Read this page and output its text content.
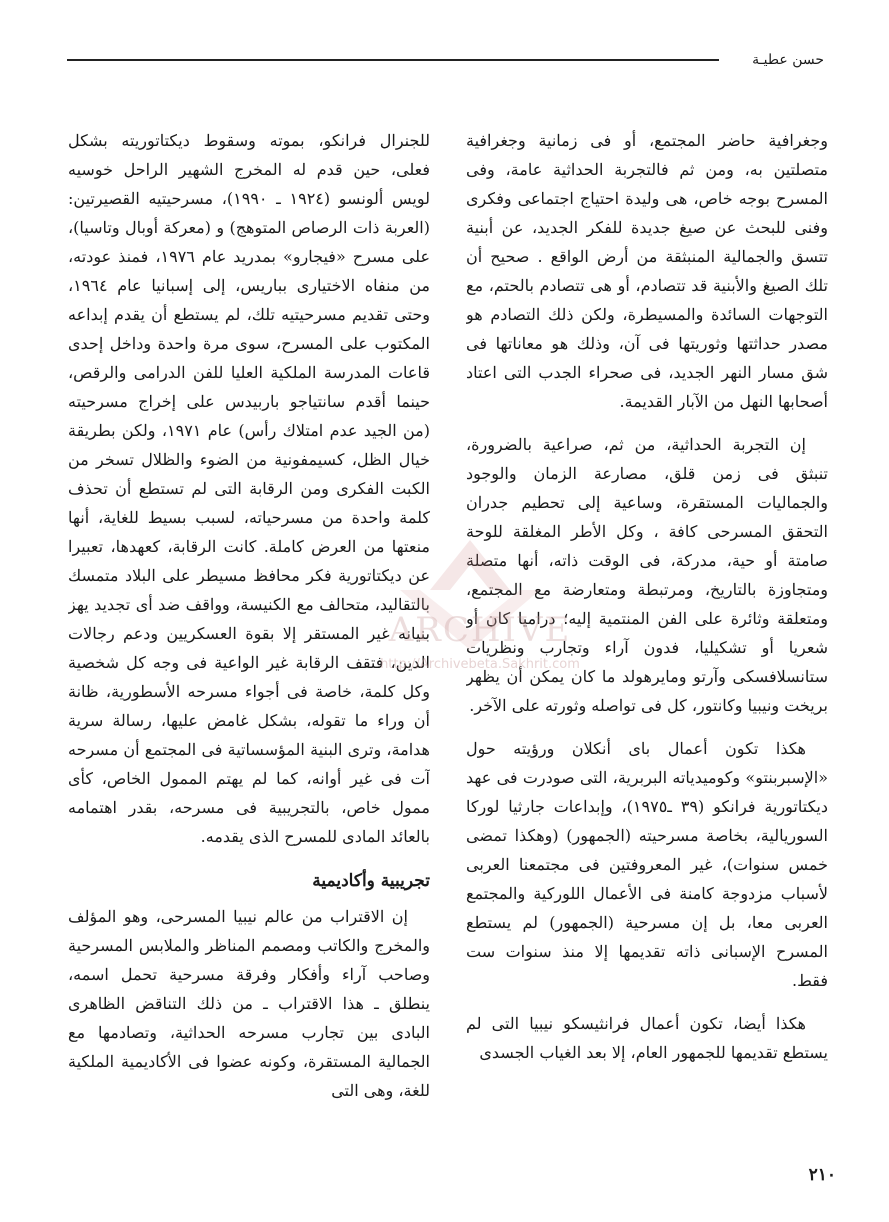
حسن عطيـة

وجغرافية حاضر المجتمع، أو فى زمانية وجغرافية متصلتين به، ومن ثم فالتجربة الحداثية عامة، وفى المسرح بوجه خاص، هى وليدة احتياج اجتماعى وفكرى وفنى للبحث عن صيغ جديدة للفكر الجديد، عن أبنية تتسق والجمالية المنبثقة من أرض الواقع . صحيح أن تلك الصيغ والأبنية قد تتصادم، أو هى تتصادم بالحتم، مع التوجهات السائدة والمسيطرة، ولكن ذلك التصادم هو مصدر حداثتها وثوريتها فى آن، وذلك هو معاناتها فى شق مسار النهر الجديد، فى صحراء الجدب التى اعتاد أصحابها النهل من الآبار القديمة.

إن التجربة الحداثية، من ثم، صراعية بالضرورة، تنبثق فى زمن قلق، مصارعة الزمان والوجود والجماليات المستقرة، وساعية إلى تحطيم جدران التحقق المسرحى كافة ، وكل الأطر المغلقة للوحة صامتة أو حية، مدركة، فى الوقت ذاته، أنها متصلة ومتجاوزة بالتاريخ، ومرتبطة ومتعارضة مع المجتمع، ومتعلقة وثائرة على الفن المنتمية إليه؛ دراميا كان أو شعريا أو تشكيليا، فدون آراء وتجارب ونظريات ستانسلافسكى وآرتو ومايرهولد ما كان يمكن أن يظهر بريخت ونيبيا وكانتور، كل فى تواصله وثورته على الآخر.

هكذا تكون أعمال باى أنكلان ورؤيته حول «الإسبربنتو» وكوميدياته البربرية، التى صودرت فى عهد ديكتاتورية فرانكو (٣٩ ـ١٩٧٥)، وإبداعات جارثيا لوركا السوريالية، بخاصة مسرحيته (الجمهور) (وهكذا تمضى خمس سنوات)، غير المعروفتين فى مجتمعنا العربى لأسباب مزدوجة كامنة فى الأعمال اللوركية والمجتمع العربى معا، بل إن مسرحية (الجمهور) لم يستطع المسرح الإسبانى ذاته تقديمها إلا منذ سنوات ست فقط.

هكذا أيضا، تكون أعمال فرانثيسكو نيبيا التى لم يستطع تقديمها للجمهور العام، إلا بعد الغياب الجسدى

للجنرال فرانكو، بموته وسقوط ديكتاتوريته بشكل فعلى، حين قدم له المخرج الشهير الراحل خوسيه لويس ألونسو (١٩٢٤ ـ ١٩٩٠)، مسرحيتيه القصيرتين: (العربة ذات الرصاص المتوهج) و (معركة أوبال وتاسيا)، على مسرح «فيجارو» بمدريد عام ١٩٧٦، فمنذ عودته، من منفاه الاختيارى بباريس، إلى إسبانيا عام ١٩٦٤، وحتى تقديم مسرحيتيه تلك، لم يستطع أن يقدم إبداعه المكتوب على المسرح، سوى مرة واحدة وداخل إحدى قاعات المدرسة الملكية العليا للفن الدرامى والرقص، حينما أقدم سانتياجو باربيدس على إخراج مسرحيته (من الجيد عدم امتلاك رأس) عام ١٩٧١، ولكن بطريقة خيال الظل، كسيمفونية من الضوء والظلال تسخر من الكبت الفكرى ومن الرقابة التى لم تستطع أن تحذف كلمة واحدة من مسرحياته، لسبب بسيط للغاية، أنها منعتها من العرض كاملة. كانت الرقابة، كعهدها، تعبيرا عن ديكتاتورية فكر محافظ مسيطر على البلاد متمسك بالتقاليد، متحالف مع الكنيسة، وواقف ضد أى تجديد يهز بنيانه غير المستقر إلا بقوة العسكريين ودعم رجالات الدين، فتقف الرقابة غير الواعية فى وجه كل شخصية وكل كلمة، خاصة فى أجواء مسرحه الأسطورية، ظانة أن وراء ما تقوله، بشكل غامض عليها، رسالة سرية هدامة، وترى البنية المؤسساتية فى المجتمع أن مسرحه آت فى غير أوانه، كما لم يهتم الممول الخاص، كأى ممول خاص، بالتجريبية فى مسرحه، بقدر اهتمامه بالعائد المادى للمسرح الذى يقدمه.

تجريبية وأكاديمية

إن الاقتراب من عالم نيبيا المسرحى، وهو المؤلف والمخرج والكاتب ومصمم المناظر والملابس المسرحية وصاحب آراء وأفكار وفرقة مسرحية تحمل اسمه، ينطلق ـ هذا الاقتراب ـ من ذلك التناقض الظاهرى البادى بين تجارب مسرحه الحداثية، وتصادمها مع الجمالية المستقرة، وكونه عضوا فى الأكاديمية الملكية للغة، وهى التى

ARCHIVE
http://Archivebeta.Sakhrit.com
٢١٠
